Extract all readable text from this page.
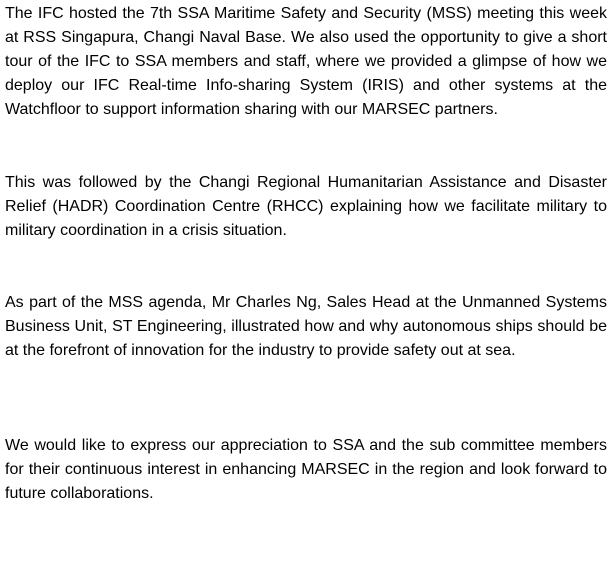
The IFC hosted the 7th SSA Maritime Safety and Security (MSS) meeting this week at RSS Singapura, Changi Naval Base. We also used the opportunity to give a short tour of the IFC to SSA members and staff, where we provided a glimpse of how we deploy our IFC Real-time Info-sharing System (IRIS) and other systems at the Watchfloor to support information sharing with our MARSEC partners.

This was followed by the Changi Regional Humanitarian Assistance and Disaster Relief (HADR) Coordination Centre (RHCC) explaining how we facilitate military to military coordination in a crisis situation.

As part of the MSS agenda, Mr Charles Ng, Sales Head at the Unmanned Systems Business Unit, ST Engineering, illustrated how and why autonomous ships should be at the forefront of innovation for the industry to provide safety out at sea.

We would like to express our appreciation to SSA and the sub committee members for their continuous interest in enhancing MARSEC in the region and look forward to future collaborations.
